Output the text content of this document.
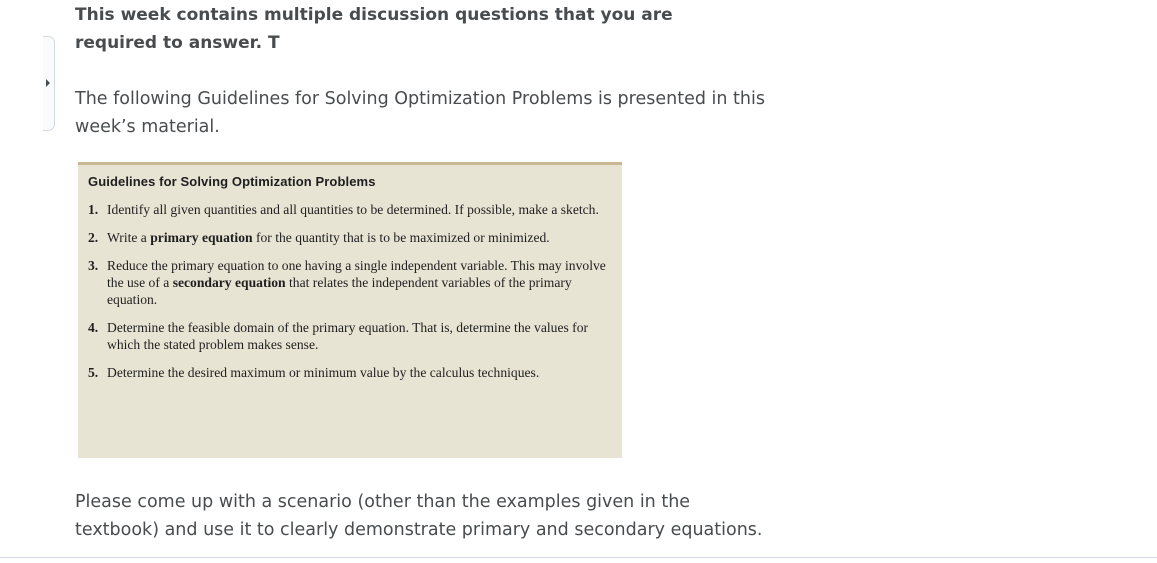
This week contains multiple discussion questions that you are required to answer. T

The following Guidelines for Solving Optimization Problems is presented in this week’s material.

Guidelines for Solving Optimization Problems
1. Identify all given quantities and all quantities to be determined. If possible, make a sketch.
2. Write a primary equation for the quantity that is to be maximized or minimized.
3. Reduce the primary equation to one having a single independent variable. This may involve the use of a secondary equation that relates the independent variables of the primary equation.
4. Determine the feasible domain of the primary equation. That is, determine the values for which the stated problem makes sense.
5. Determine the desired maximum or minimum value by the calculus techniques.

Please come up with a scenario (other than the examples given in the textbook) and use it to clearly demonstrate primary and secondary equations.
